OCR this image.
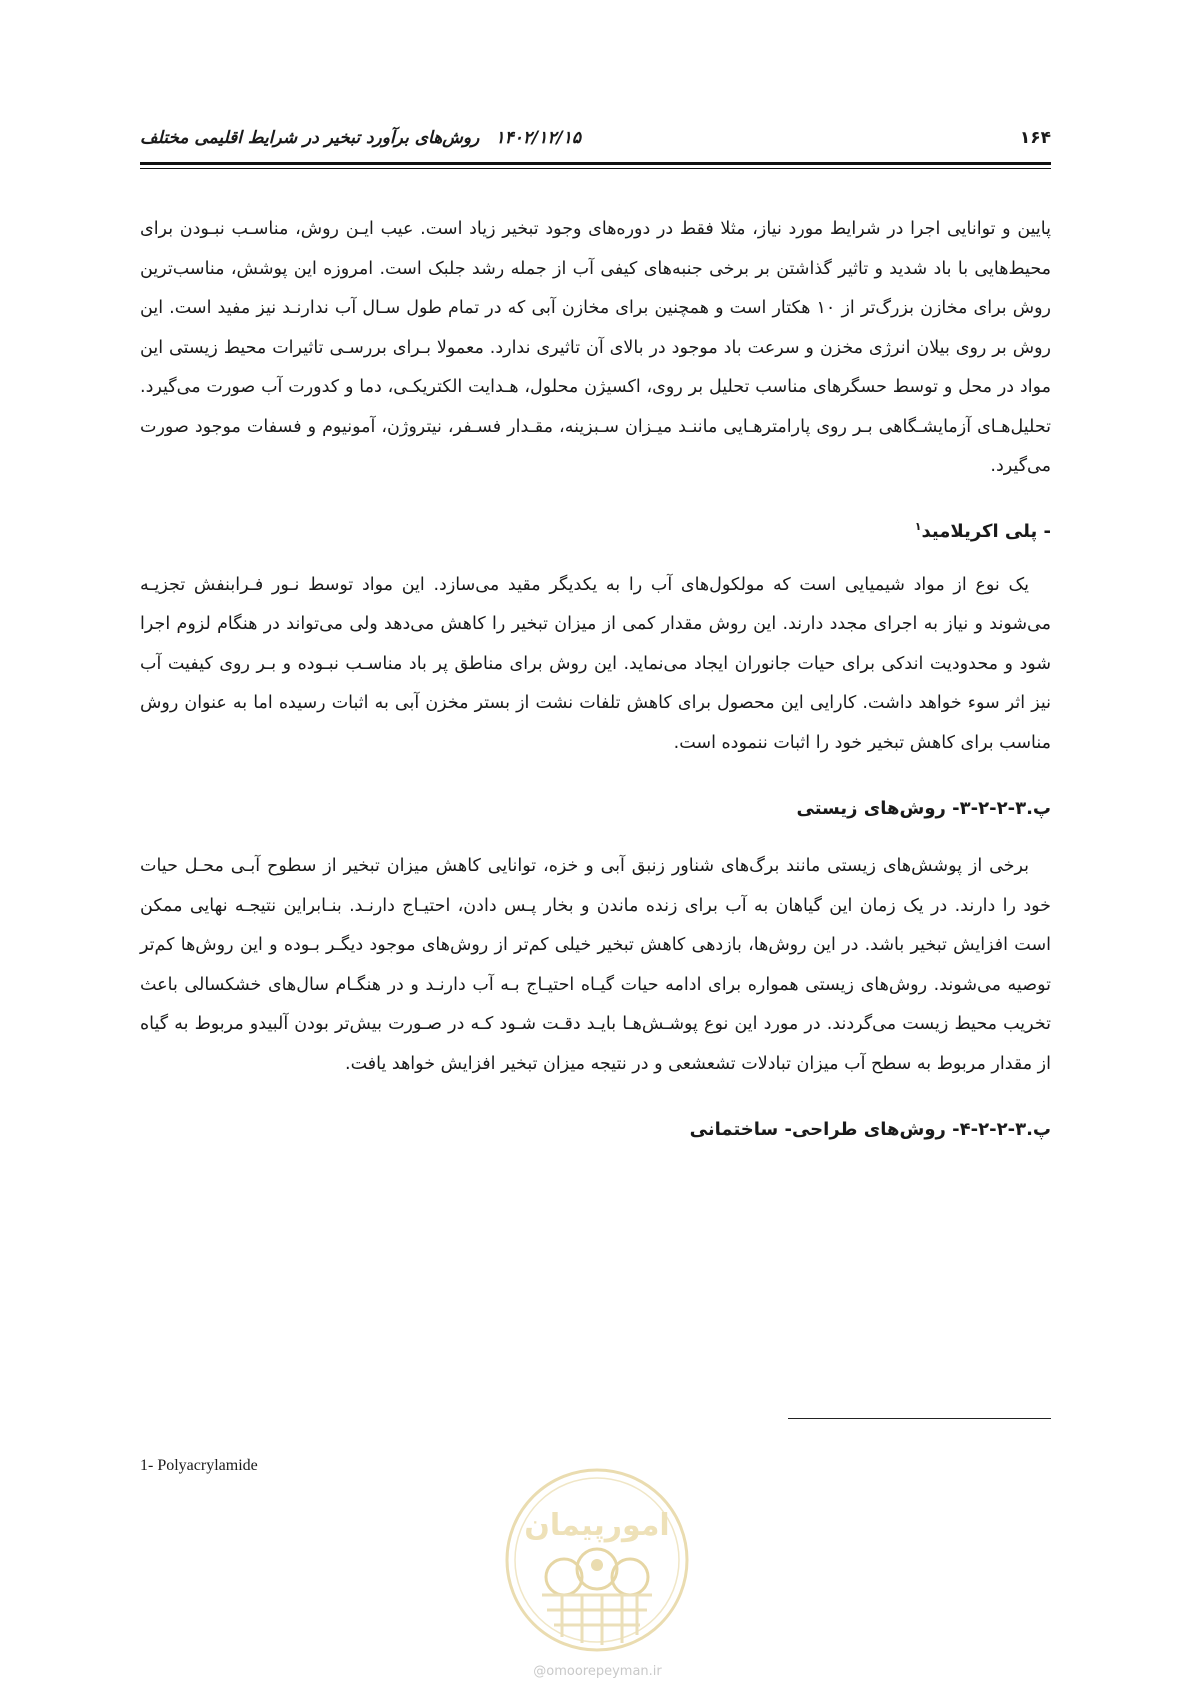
۱۶۴
۱۴۰۲/۱۲/۱۵
روش‌های برآورد تبخیر در شرایط اقلیمی مختلف

پایین و توانایی اجرا در شرایط مورد نیاز، مثلا فقط در دوره‌های وجود تبخیر زیاد است. عیب ایـن روش، مناسـب نبـودن برای محیط‌هایی با باد شدید و تاثیر گذاشتن بر برخی جنبه‌های کیفی آب از جمله رشد جلبک است. امروزه این پوشش، مناسب‌ترین روش برای مخازن بزرگ‌تر از ۱۰ هکتار است و همچنین برای مخازن آبی که در تمام طول سـال آب ندارنـد نیز مفید است. این روش بر روی بیلان انرژی مخزن و سرعت باد موجود در بالای آن تاثیری ندارد. معمولا بـرای بررسـی تاثیرات محیط زیستی این مواد در محل و توسط حسگرهای مناسب تحلیل بر روی، اکسیژن محلول، هـدایت الکتریکـی، دما و کدورت آب صورت می‌گیرد. تحلیل‌هـای آزمایشـگاهی بـر روی پارامترهـایی ماننـد میـزان سـبزینه، مقـدار فسـفر، نیتروژن، آمونیوم و فسفات موجود صورت می‌گیرد.

- پلی اکریلامید$^۱$

یک نوع از مواد شیمیایی است که مولکول‌های آب را به یکدیگر مقید می‌سازد. این مواد توسط نـور فـرابنفش تجزیـه می‌شوند و نیاز به اجرای مجدد دارند. این روش مقدار کمی از میزان تبخیر را کاهش می‌دهد ولی می‌تواند در هنگام لزوم اجرا شود و محدودیت اندکی برای حیات جانوران ایجاد می‌نماید. این روش برای مناطق پر باد مناسـب نبـوده و بـر روی کیفیت آب نیز اثر سوء خواهد داشت. کارایی این محصول برای کاهش تلفات نشت از بستر مخزن آبی به اثبات رسیده اما به عنوان روش مناسب برای کاهش تبخیر خود را اثبات ننموده است.

پ.۳-۲-۲-۳- روش‌های زیستی

برخی از پوشش‌های زیستی مانند برگ‌های شناور زنبق آبی و خزه، توانایی کاهش میزان تبخیر از سطوح آبـی محـل حیات خود را دارند. در یک زمان این گیاهان به آب برای زنده ماندن و بخار پـس دادن، احتیـاج دارنـد. بنـابراین نتیجـه نهایی ممکن است افزایش تبخیر باشد. در این روش‌ها، بازدهی کاهش تبخیر خیلی کم‌تر از روش‌های موجود دیگـر بـوده و این روش‌ها کم‌تر توصیه می‌شوند. روش‌های زیستی همواره برای ادامه حیات گیـاه احتیـاج بـه آب دارنـد و در هنگـام سال‌های خشکسالی باعث تخریب محیط زیست می‌گردند. در مورد این نوع پوشـش‌هـا بایـد دقـت شـود کـه در صـورت بیش‌تر بودن آلبیدو مربوط به گیاه از مقدار مربوط به سطح آب میزان تبادلات تشعشعی و در نتیجه میزان تبخیر افزایش خواهد یافت.

پ.۳-۲-۲-۴- روش‌های طراحی- ساختمانی

1- Polyacrylamide
امورپیمان
@omoorepeyman.ir
